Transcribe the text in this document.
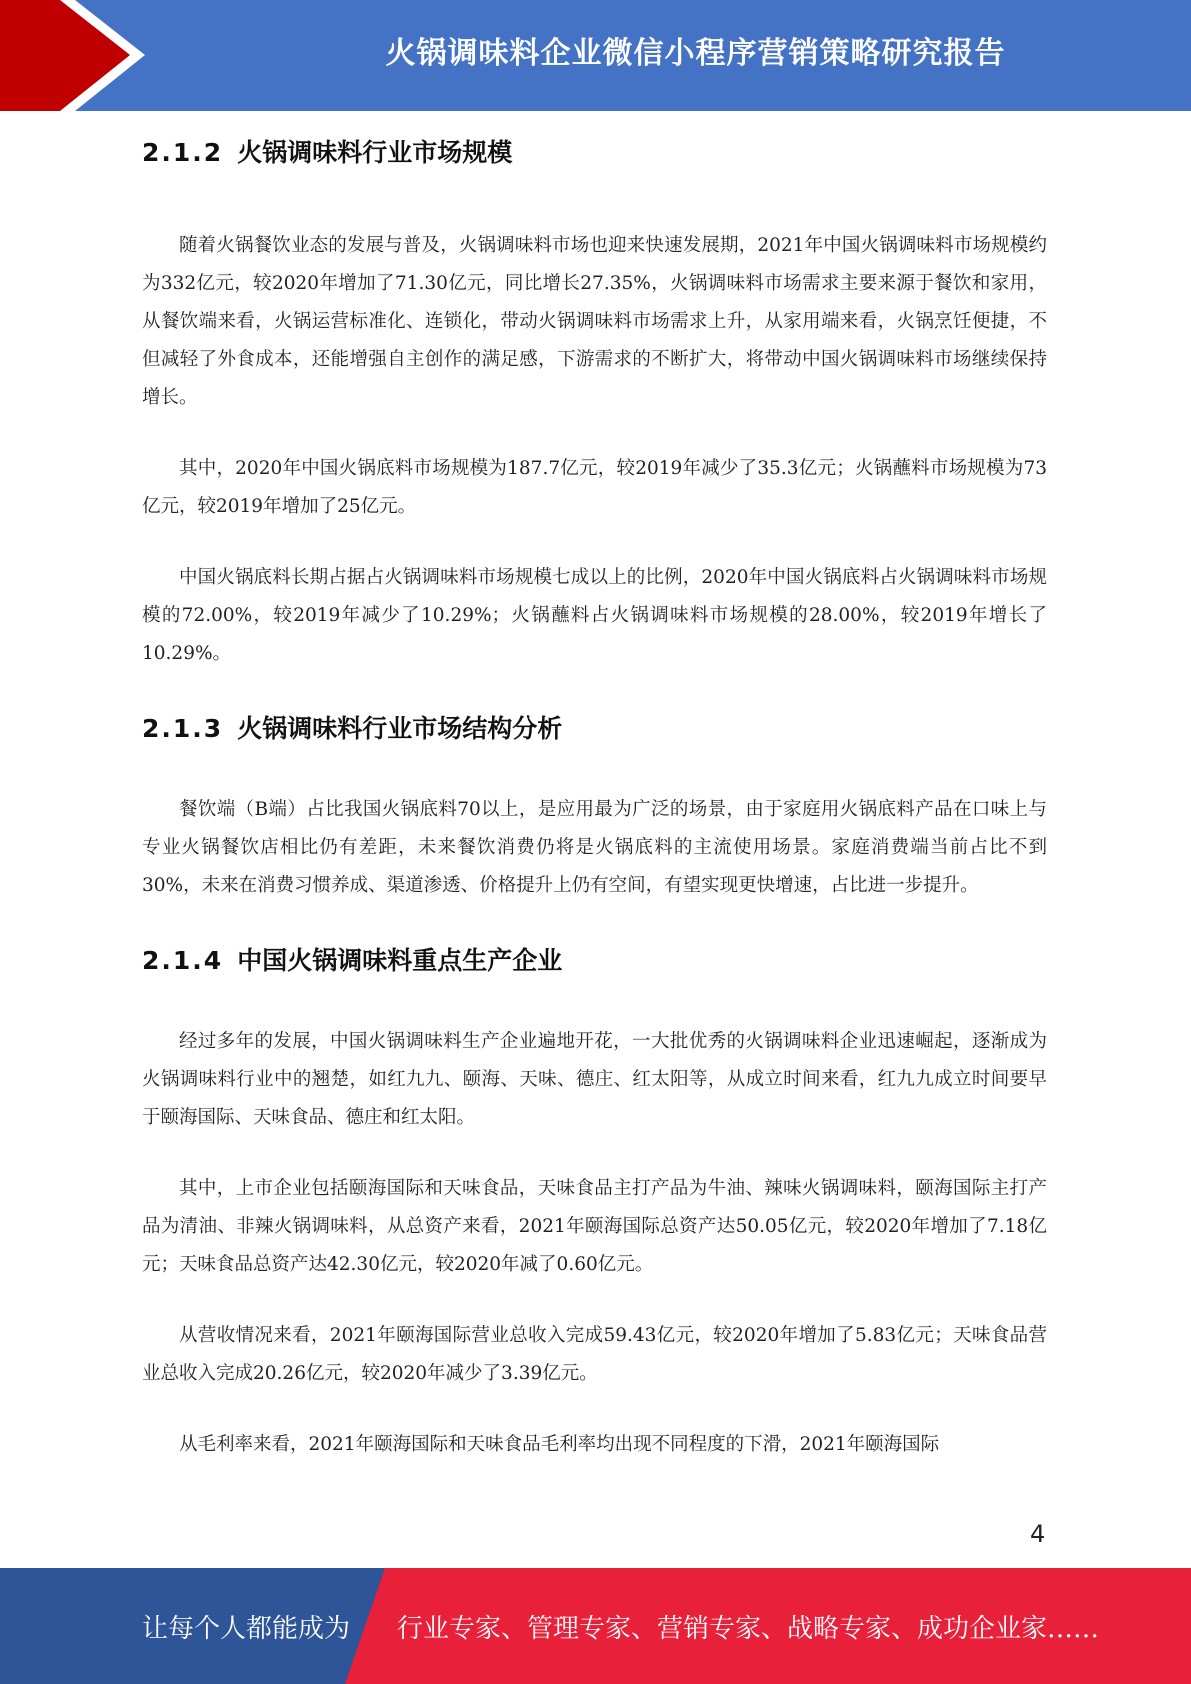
火锅调味料企业微信小程序营销策略研究报告
2.1.2 火锅调味料行业市场规模

随着火锅餐饮业态的发展与普及，火锅调味料市场也迎来快速发展期，2021年中国火锅调味料市场规模约为332亿元，较2020年增加了71.30亿元，同比增长27.35%，火锅调味料市场需求主要来源于餐饮和家用，从餐饮端来看，火锅运营标准化、连锁化，带动火锅调味料市场需求上升，从家用端来看，火锅烹饪便捷，不但减轻了外食成本，还能增强自主创作的满足感，下游需求的不断扩大，将带动中国火锅调味料市场继续保持增长。

其中，2020年中国火锅底料市场规模为187.7亿元，较2019年减少了35.3亿元；火锅蘸料市场规模为73亿元，较2019年增加了25亿元。

中国火锅底料长期占据占火锅调味料市场规模七成以上的比例，2020年中国火锅底料占火锅调味料市场规模的72.00%，较2019年减少了10.29%；火锅蘸料占火锅调味料市场规模的28.00%，较2019年增长了10.29%。

2.1.3 火锅调味料行业市场结构分析

餐饮端（B端）占比我国火锅底料70以上，是应用最为广泛的场景，由于家庭用火锅底料产品在口味上与专业火锅餐饮店相比仍有差距，未来餐饮消费仍将是火锅底料的主流使用场景。家庭消费端当前占比不到30%，未来在消费习惯养成、渠道渗透、价格提升上仍有空间，有望实现更快增速，占比进一步提升。

2.1.4 中国火锅调味料重点生产企业

经过多年的发展，中国火锅调味料生产企业遍地开花，一大批优秀的火锅调味料企业迅速崛起，逐渐成为火锅调味料行业中的翘楚，如红九九、颐海、天味、德庄、红太阳等，从成立时间来看，红九九成立时间要早于颐海国际、天味食品、德庄和红太阳。

其中，上市企业包括颐海国际和天味食品，天味食品主打产品为牛油、辣味火锅调味料，颐海国际主打产品为清油、非辣火锅调味料，从总资产来看，2021年颐海国际总资产达50.05亿元，较2020年增加了7.18亿元；天味食品总资产达42.30亿元，较2020年减了0.60亿元。

从营收情况来看，2021年颐海国际营业总收入完成59.43亿元，较2020年增加了5.83亿元；天味食品营业总收入完成20.26亿元，较2020年减少了3.39亿元。

从毛利率来看，2021年颐海国际和天味食品毛利率均出现不同程度的下滑，2021年颐海国际

4
让每个人都能成为 行业专家、管理专家、营销专家、战略专家、成功企业家……
